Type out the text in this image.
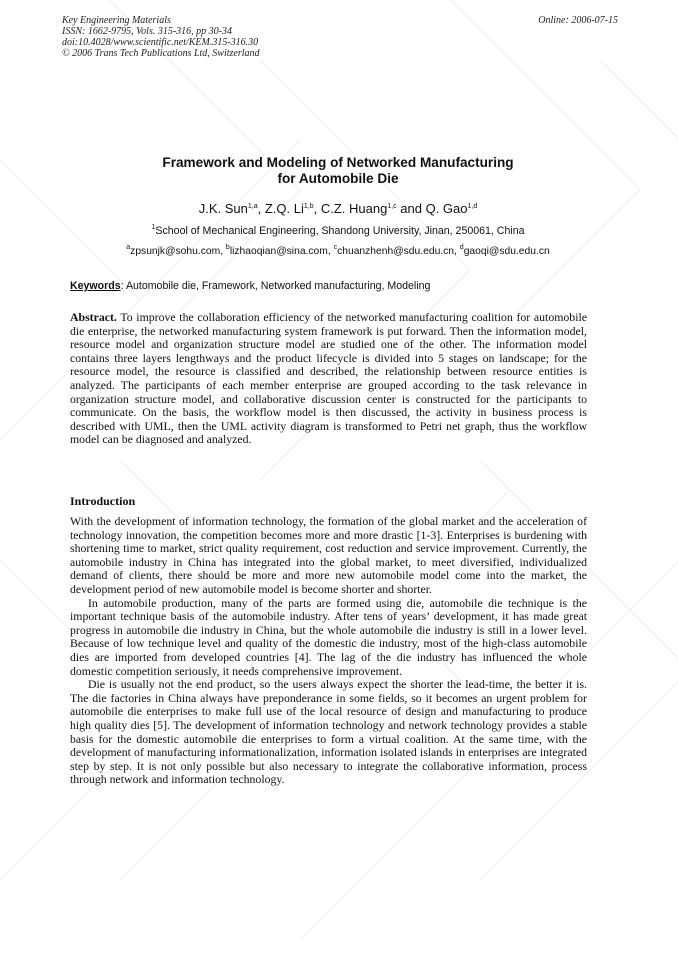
Key Engineering Materials
ISSN: 1662-9795, Vols. 315-316, pp 30-34
doi:10.4028/www.scientific.net/KEM.315-316.30
© 2006 Trans Tech Publications Ltd, Switzerland
Online: 2006-07-15
Framework and Modeling of Networked Manufacturing
for Automobile Die
J.K. Sun$^{1,a}$, Z.Q. Li$^{1,b}$, C.Z. Huang$^{1,c}$ and Q. Gao$^{1,d}$
$^1$School of Mechanical Engineering, Shandong University, Jinan, 250061, China
$^a$zpsunjk@sohu.com, $^b$lizhaoqian@sina.com, $^c$chuanzhenh@sdu.edu.cn, $^d$gaoqi@sdu.edu.cn
Keywords: Automobile die, Framework, Networked manufacturing, Modeling
Abstract. To improve the collaboration efficiency of the networked manufacturing coalition for automobile die enterprise, the networked manufacturing system framework is put forward. Then the information model, resource model and organization structure model are studied one of the other. The information model contains three layers lengthways and the product lifecycle is divided into 5 stages on landscape; for the resource model, the resource is classified and described, the relationship between resource entities is analyzed. The participants of each member enterprise are grouped according to the task relevance in organization structure model, and collaborative discussion center is constructed for the participants to communicate. On the basis, the workflow model is then discussed, the activity in business process is described with UML, then the UML activity diagram is transformed to Petri net graph, thus the workflow model can be diagnosed and analyzed.
Introduction

With the development of information technology, the formation of the global market and the acceleration of technology innovation, the competition becomes more and more drastic [1-3]. Enterprises is burdening with shortening time to market, strict quality requirement, cost reduction and service improvement. Currently, the automobile industry in China has integrated into the global market, to meet diversified, individualized demand of clients, there should be more and more new automobile model come into the market, the development period of new automobile model is become shorter and shorter.

In automobile production, many of the parts are formed using die, automobile die technique is the important technique basis of the automobile industry. After tens of years’ development, it has made great progress in automobile die industry in China, but the whole automobile die industry is still in a lower level. Because of low technique level and quality of the domestic die industry, most of the high-class automobile dies are imported from developed countries [4]. The lag of the die industry has influenced the whole domestic competition seriously, it needs comprehensive improvement.

Die is usually not the end product, so the users always expect the shorter the lead-time, the better it is. The die factories in China always have preponderance in some fields, so it becomes an urgent problem for automobile die enterprises to make full use of the local resource of design and manufacturing to produce high quality dies [5]. The development of information technology and network technology provides a stable basis for the domestic automobile die enterprises to form a virtual coalition. At the same time, with the development of manufacturing informationalization, information isolated islands in enterprises are integrated step by step. It is not only possible but also necessary to integrate the collaborative information, process through network and information technology.
